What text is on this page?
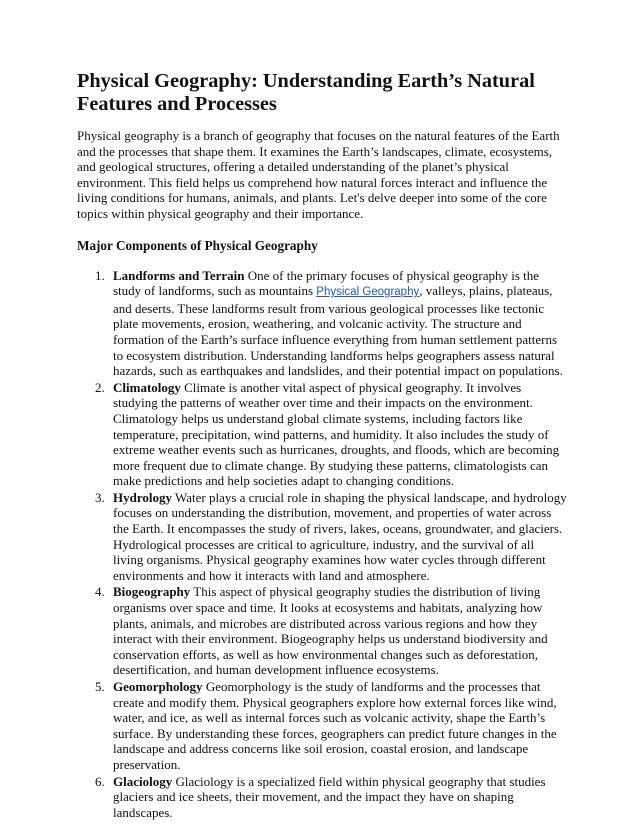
Physical Geography: Understanding Earth’s Natural Features and Processes

Physical geography is a branch of geography that focuses on the natural features of the Earth and the processes that shape them. It examines the Earth’s landscapes, climate, ecosystems, and geological structures, offering a detailed understanding of the planet’s physical environment. This field helps us comprehend how natural forces interact and influence the living conditions for humans, animals, and plants. Let's delve deeper into some of the core topics within physical geography and their importance.

Major Components of Physical Geography
1. Landforms and Terrain One of the primary focuses of physical geography is the study of landforms, such as mountains Physical Geography, valleys, plains, plateaus, and deserts. These landforms result from various geological processes like tectonic plate movements, erosion, weathering, and volcanic activity. The structure and formation of the Earth’s surface influence everything from human settlement patterns to ecosystem distribution. Understanding landforms helps geographers assess natural hazards, such as earthquakes and landslides, and their potential impact on populations.
2. Climatology Climate is another vital aspect of physical geography. It involves studying the patterns of weather over time and their impacts on the environment. Climatology helps us understand global climate systems, including factors like temperature, precipitation, wind patterns, and humidity. It also includes the study of extreme weather events such as hurricanes, droughts, and floods, which are becoming more frequent due to climate change. By studying these patterns, climatologists can make predictions and help societies adapt to changing conditions.
3. Hydrology Water plays a crucial role in shaping the physical landscape, and hydrology focuses on understanding the distribution, movement, and properties of water across the Earth. It encompasses the study of rivers, lakes, oceans, groundwater, and glaciers. Hydrological processes are critical to agriculture, industry, and the survival of all living organisms. Physical geography examines how water cycles through different environments and how it interacts with land and atmosphere.
4. Biogeography This aspect of physical geography studies the distribution of living organisms over space and time. It looks at ecosystems and habitats, analyzing how plants, animals, and microbes are distributed across various regions and how they interact with their environment. Biogeography helps us understand biodiversity and conservation efforts, as well as how environmental changes such as deforestation, desertification, and human development influence ecosystems.
5. Geomorphology Geomorphology is the study of landforms and the processes that create and modify them. Physical geographers explore how external forces like wind, water, and ice, as well as internal forces such as volcanic activity, shape the Earth’s surface. By understanding these forces, geographers can predict future changes in the landscape and address concerns like soil erosion, coastal erosion, and landscape preservation.
6. Glaciology Glaciology is a specialized field within physical geography that studies glaciers and ice sheets, their movement, and the impact they have on shaping landscapes.
